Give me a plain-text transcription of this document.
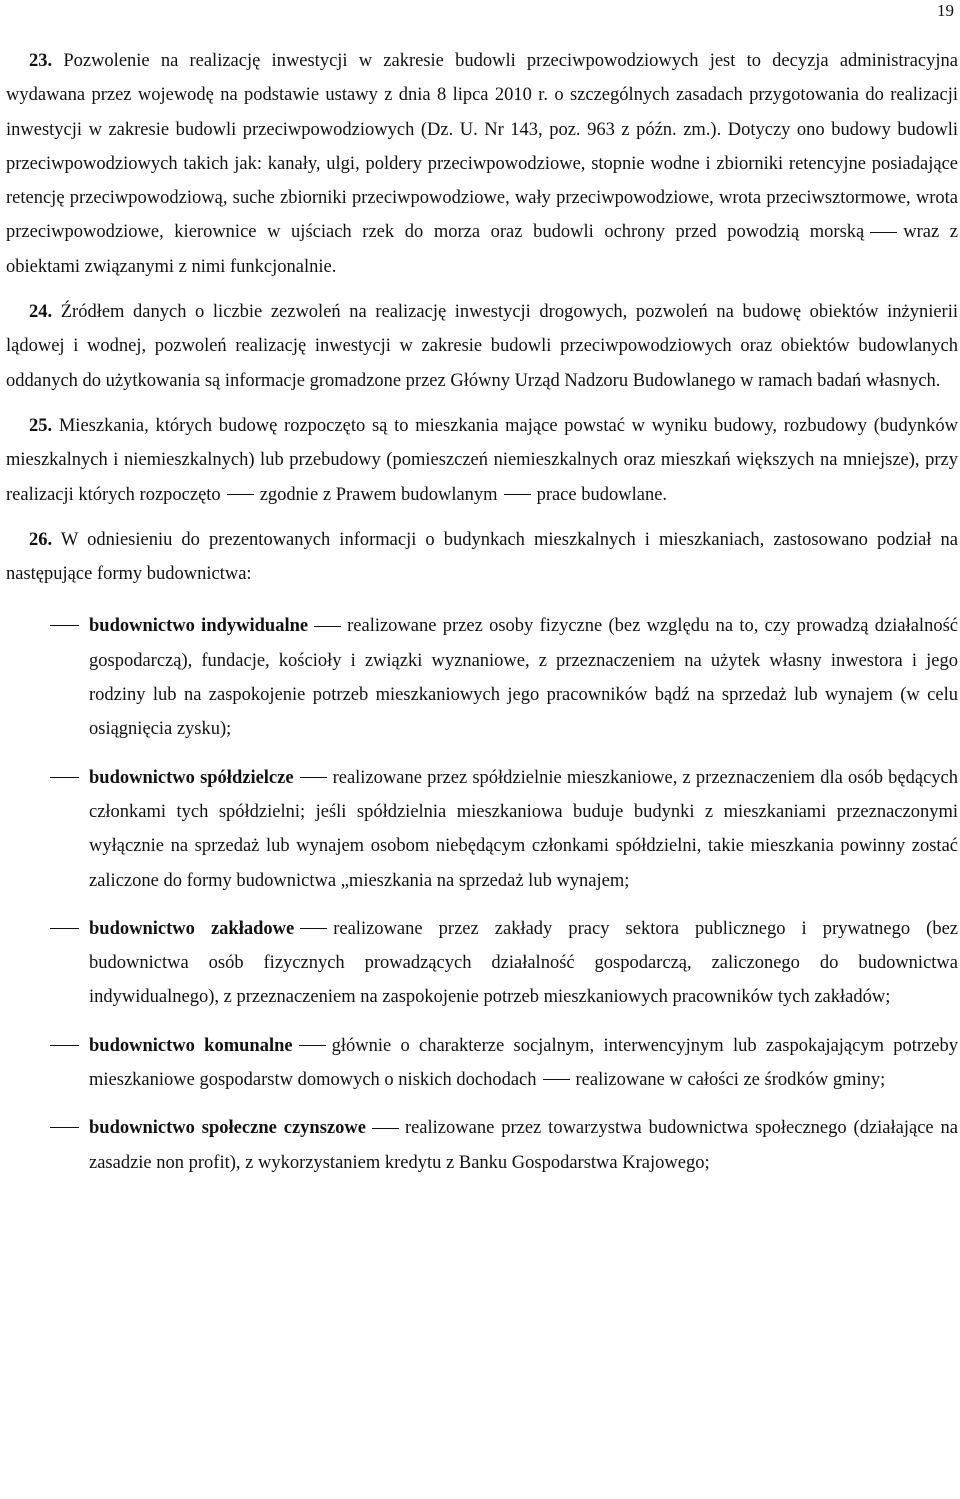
19

23. Pozwolenie na realizację inwestycji w zakresie budowli przeciwpowodziowych jest to decyzja administracyjna wydawana przez wojewodę na podstawie ustawy z dnia 8 lipca 2010 r. o szczególnych zasadach przygotowania do realizacji inwestycji w zakresie budowli przeciwpowodziowych (Dz. U. Nr 143, poz. 963 z późn. zm.). Dotyczy ono budowy budowli przeciwpowodziowych takich jak: kanały, ulgi, poldery przeciwpowodziowe, stopnie wodne i zbiorniki retencyjne posiadające retencję przeciwpowodziową, suche zbiorniki przeciwpowodziowe, wały przeciwpowodziowe, wrota przeciwsztormowe, wrota przeciwpowodziowe, kierownice w ujściach rzek do morza oraz budowli ochrony przed powodzią morską wraz z obiektami związanymi z nimi funkcjonalnie.

24. Źródłem danych o liczbie zezwoleń na realizację inwestycji drogowych, pozwoleń na budowę obiektów inżynierii lądowej i wodnej, pozwoleń realizację inwestycji w zakresie budowli przeciwpowodziowych oraz obiektów budowlanych oddanych do użytkowania są informacje gromadzone przez Główny Urząd Nadzoru Budowlanego w ramach badań własnych.

25. Mieszkania, których budowę rozpoczęto są to mieszkania mające powstać w wyniku budowy, rozbudowy (budynków mieszkalnych i niemieszkalnych) lub przebudowy (pomieszczeń niemieszkalnych oraz mieszkań większych na mniejsze), przy realizacji których rozpoczęto zgodnie z Prawem budowlanym prace budowlane.

26. W odniesieniu do prezentowanych informacji o budynkach mieszkalnych i mieszkaniach, zastosowano podział na następujące formy budownictwa:

budownictwo indywidualne realizowane przez osoby fizyczne (bez względu na to, czy prowadzą działalność gospodarczą), fundacje, kościoły i związki wyznaniowe, z przeznaczeniem na użytek własny inwestora i jego rodziny lub na zaspokojenie potrzeb mieszkaniowych jego pracowników bądź na sprzedaż lub wynajem (w celu osiągnięcia zysku);
budownictwo spółdzielcze realizowane przez spółdzielnie mieszkaniowe, z przeznaczeniem dla osób będących członkami tych spółdzielni; jeśli spółdzielnia mieszkaniowa buduje budynki z mieszkaniami przeznaczonymi wyłącznie na sprzedaż lub wynajem osobom niebędącym członkami spółdzielni, takie mieszkania powinny zostać zaliczone do formy budownictwa „mieszkania na sprzedaż lub wynajem;
budownictwo zakładowe realizowane przez zakłady pracy sektora publicznego i prywatnego (bez budownictwa osób fizycznych prowadzących działalność gospodarczą, zaliczonego do budownictwa indywidualnego), z przeznaczeniem na zaspokojenie potrzeb mieszkaniowych pracowników tych zakładów;
budownictwo komunalne głównie o charakterze socjalnym, interwencyjnym lub zaspokajającym potrzeby mieszkaniowe gospodarstw domowych o niskich dochodach realizowane w całości ze środków gminy;
budownictwo społeczne czynszowe realizowane przez towarzystwa budownictwa społecznego (działające na zasadzie non profit), z wykorzystaniem kredytu z Banku Gospodarstwa Krajowego;
